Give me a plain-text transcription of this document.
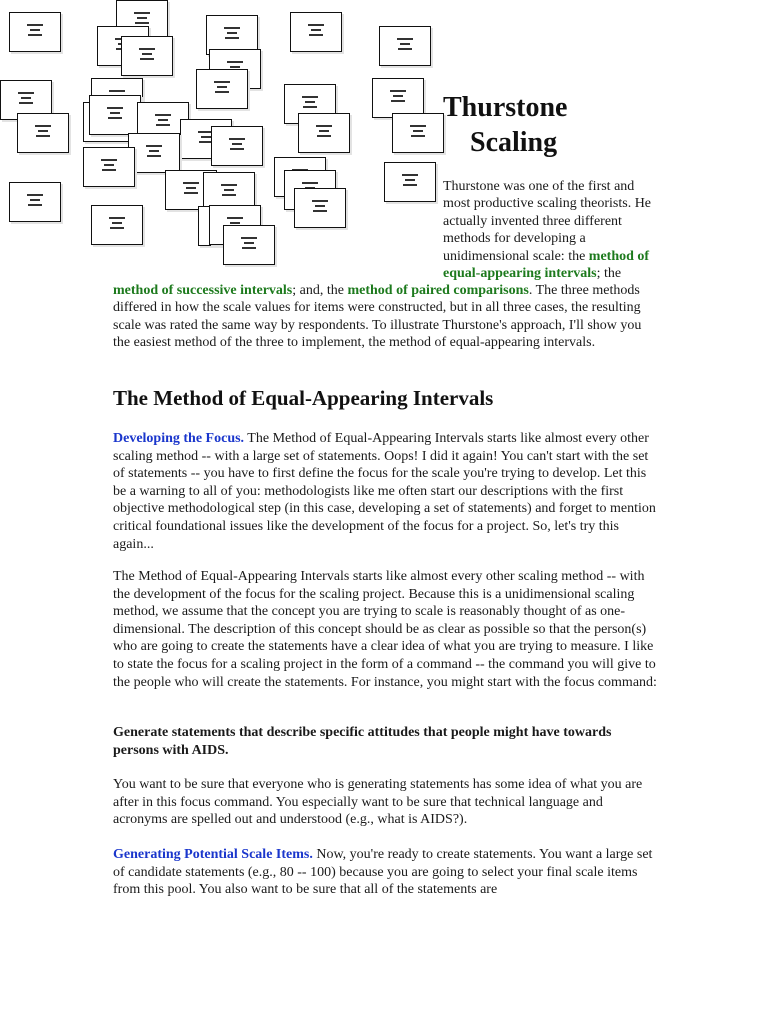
Thurstone
Scaling

Thurstone was one of the first and most productive scaling theorists. He actually invented three different methods for developing a unidimensional scale: the method of equal-appearing intervals; the

method of successive intervals; and, the method of paired comparisons. The three methods differed in how the scale values for items were constructed, but in all three cases, the resulting scale was rated the same way by respondents. To illustrate Thurstone's approach, I'll show you the easiest method of the three to implement, the method of equal-appearing intervals.

The Method of Equal-Appearing Intervals

Developing the Focus. The Method of Equal-Appearing Intervals starts like almost every other scaling method -- with a large set of statements. Oops! I did it again! You can't start with the set of statements -- you have to first define the focus for the scale you're trying to develop. Let this be a warning to all of you: methodologists like me often start our descriptions with the first objective methodological step (in this case, developing a set of statements) and forget to mention critical foundational issues like the development of the focus for a project. So, let's try this again...

The Method of Equal-Appearing Intervals starts like almost every other scaling method -- with the development of the focus for the scaling project. Because this is a unidimensional scaling method, we assume that the concept you are trying to scale is reasonably thought of as one-dimensional. The description of this concept should be as clear as possible so that the person(s) who are going to create the statements have a clear idea of what you are trying to measure. I like to state the focus for a scaling project in the form of a command -- the command you will give to the people who will create the statements. For instance, you might start with the focus command:

Generate statements that describe specific attitudes that people might have towards persons with AIDS.

You want to be sure that everyone who is generating statements has some idea of what you are after in this focus command. You especially want to be sure that technical language and acronyms are spelled out and understood (e.g., what is AIDS?).

Generating Potential Scale Items. Now, you're ready to create statements. You want a large set of candidate statements (e.g., 80 -- 100) because you are going to select your final scale items from this pool. You also want to be sure that all of the statements are
